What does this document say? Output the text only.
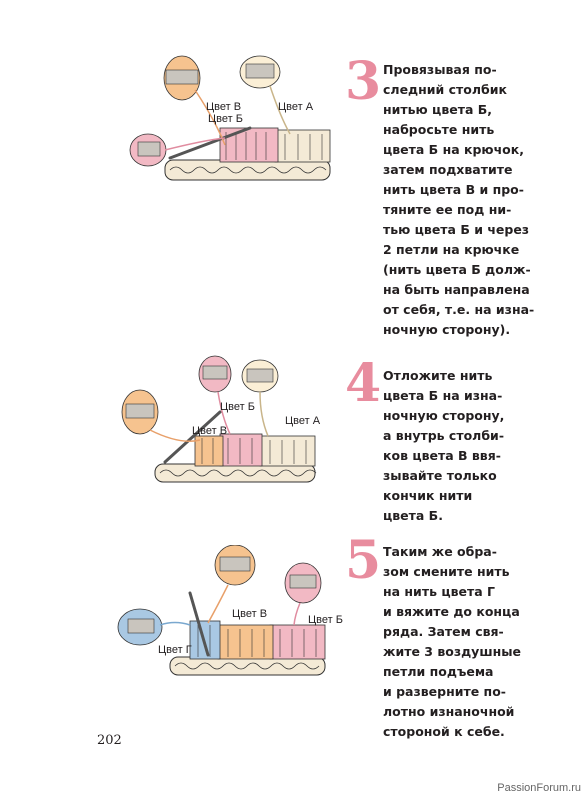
Цвет В	Цвет А
Цвет Б
3 Провязывая по-
следний столбик
нитью цвета Б,
набросьте нить
цвета Б на крючок,
затем подхватите
нить цвета В и про-
тяните ее под ни-
тью цвета Б и через
2 петли на крючке
(нить цвета Б долж-
на быть направлена
от себя, т.е. на изна-
ночную сторону).
Цвет Б
Цвет А
Цвет В
4 Отложите нить
цвета Б на изна-
ночную сторону,
а внутрь столби-
ков цвета В ввя-
зывайте только
кончик нити
цвета Б.
Цвет В	Цвет Б
Цвет Г
5 Таким же обра-
зом смените нить
на нить цвета Г
и вяжите до конца
ряда. Затем свя-
жите 3 воздушные
петли подъема
и разверните по-
лотно изнаночной
стороной к себе.
202
PassionForum.ru
